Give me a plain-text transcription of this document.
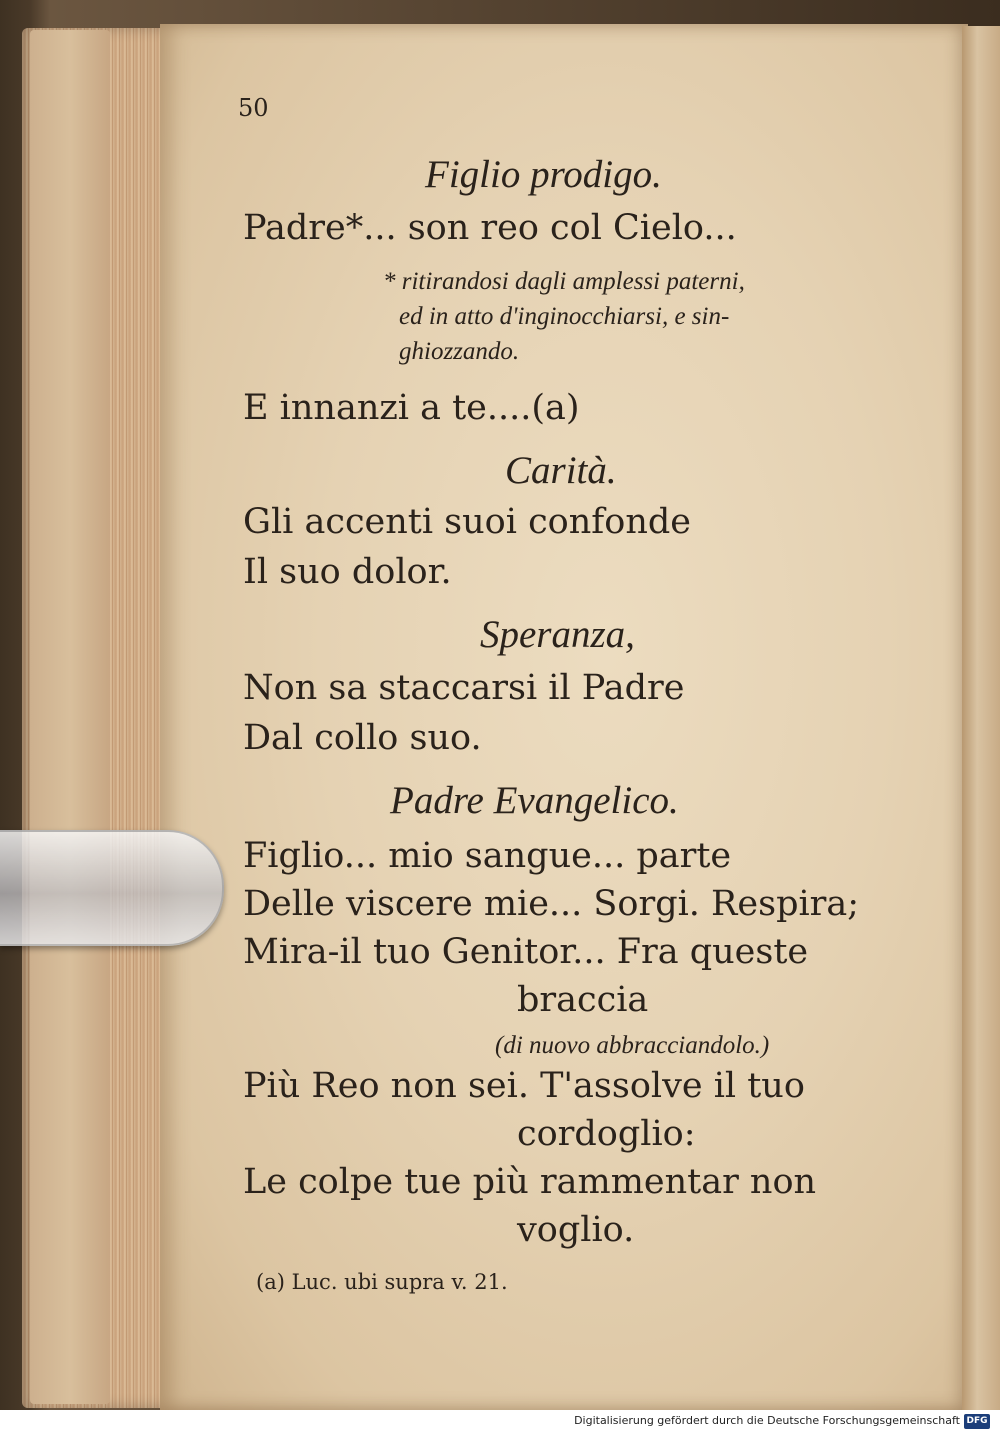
50
Figlio prodigo.
Padre*... son reo col Cielo...
* ritirandosi dagli amplessi paterni,
ed in atto d'inginocchiarsi, e sin-
ghiozzando.
E innanzi a te....(a)
Carità.
Gli accenti suoi confonde
Il suo dolor.
Speranza,
Non sa staccarsi il Padre
Dal collo suo.
Padre Evangelico.
Figlio... mio sangue... parte
Delle viscere mie... Sorgi. Respira;
Mira-il tuo Genitor... Fra queste
braccia
(di nuovo abbracciandolo.)
Più Reo non sei. T'assolve il tuo
cordoglio:
Le colpe tue più rammentar non
voglio.
(a) Luc. ubi supra v. 21.
Digitalisierung gefördert durch die Deutsche Forschungsgemeinschaft DFG
